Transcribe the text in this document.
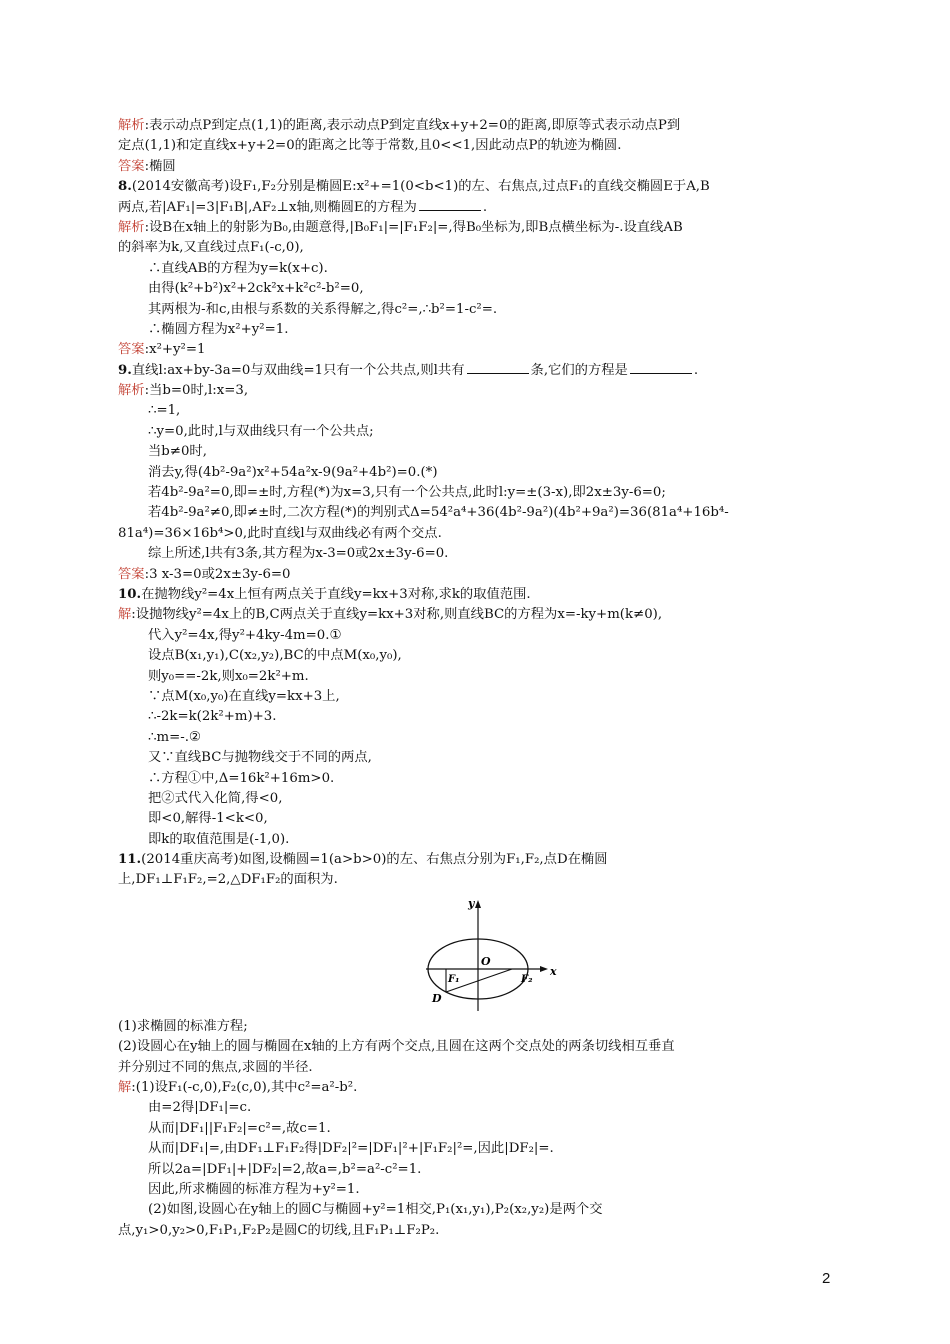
解析:表示动点P到定点(1,1)的距离,表示动点P到定直线x+y+2=0的距离,即原等式表示动点P到
定点(1,1)和定直线x+y+2=0的距离之比等于常数,且0<<1,因此动点P的轨迹为椭圆.
答案:椭圆
8.(2014安徽高考)设F₁,F₂分别是椭圆E:x²+=1(0<b<1)的左、右焦点,过点F₁的直线交椭圆E于A,B
两点,若|AF₁|=3|F₁B|,AF₂⊥x轴,则椭圆E的方程为	.
解析:设B在x轴上的射影为B₀,由题意得,|B₀F₁|=|F₁F₂|=,得B₀坐标为,即B点横坐标为-.设直线AB
的斜率为k,又直线过点F₁(-c,0),
∴直线AB的方程为y=k(x+c).
由得(k²+b²)x²+2ck²x+k²c²-b²=0,
其两根为-和c,由根与系数的关系得解之,得c²=,∴b²=1-c²=.
∴椭圆方程为x²+y²=1.
答案:x²+y²=1
9.直线l:ax+by-3a=0与双曲线=1只有一个公共点,则l共有	条,它们的方程是	.
解析:当b=0时,l:x=3,
∴=1,
∴y=0,此时,l与双曲线只有一个公共点;
当b≠0时,
消去y,得(4b²-9a²)x²+54a²x-9(9a²+4b²)=0.(*)
若4b²-9a²=0,即=±时,方程(*)为x=3,只有一个公共点,此时l:y=±(3-x),即2x±3y-6=0;
若4b²-9a²≠0,即≠±时,二次方程(*)的判别式Δ=54²a⁴+36(4b²-9a²)(4b²+9a²)=36(81a⁴+16b⁴-
81a⁴)=36×16b⁴>0,此时直线l与双曲线必有两个交点.
综上所述,l共有3条,其方程为x-3=0或2x±3y-6=0.
答案:3 x-3=0或2x±3y-6=0
10.在抛物线y²=4x上恒有两点关于直线y=kx+3对称,求k的取值范围.
解:设抛物线y²=4x上的B,C两点关于直线y=kx+3对称,则直线BC的方程为x=-ky+m(k≠0),
代入y²=4x,得y²+4ky-4m=0.①
设点B(x₁,y₁),C(x₂,y₂),BC的中点M(x₀,y₀),
则y₀==-2k,则x₀=2k²+m.
∵点M(x₀,y₀)在直线y=kx+3上,
∴-2k=k(2k²+m)+3.
∴m=-.②
又∵直线BC与抛物线交于不同的两点,
∴方程①中,Δ=16k²+16m>0.
把②式代入化简,得<0,
即<0,解得-1<k<0,
即k的取值范围是(-1,0).
11.(2014重庆高考)如图,设椭圆=1(a>b>0)的左、右焦点分别为F₁,F₂,点D在椭圆
上,DF₁⊥F₁F₂,=2,△DF₁F₂的面积为.
y
x
O
F₁	F₂
D
(1)求椭圆的标准方程;
(2)设圆心在y轴上的圆与椭圆在x轴的上方有两个交点,且圆在这两个交点处的两条切线相互垂直
并分别过不同的焦点,求圆的半径.
解:(1)设F₁(-c,0),F₂(c,0),其中c²=a²-b².
由=2得|DF₁|=c.
从而|DF₁||F₁F₂|=c²=,故c=1.
从而|DF₁|=,由DF₁⊥F₁F₂得|DF₂|²=|DF₁|²+|F₁F₂|²=,因此|DF₂|=.
所以2a=|DF₁|+|DF₂|=2,故a=,b²=a²-c²=1.
因此,所求椭圆的标准方程为+y²=1.
(2)如图,设圆心在y轴上的圆C与椭圆+y²=1相交,P₁(x₁,y₁),P₂(x₂,y₂)是两个交
点,y₁>0,y₂>0,F₁P₁,F₂P₂是圆C的切线,且F₁P₁⊥F₂P₂.
2
